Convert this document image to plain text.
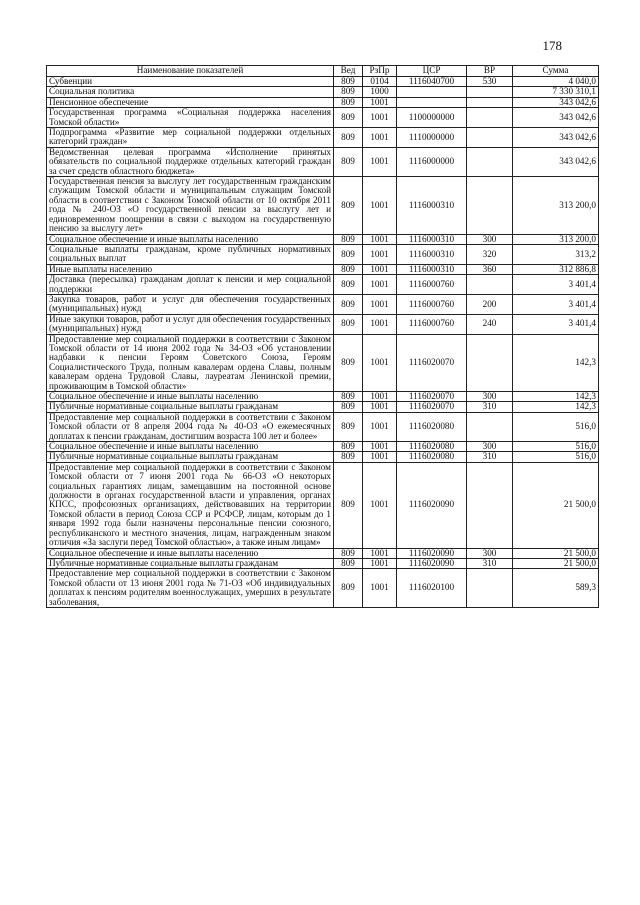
178
Наименование показателей	Вед	РзПр	ЦСР	ВР	Сумма
Субвенции	809	0104	1116040700	530	4 040,0
Социальная политика	809	1000			7 330 310,1
Пенсионное обеспечение	809	1001			343 042,6
Государственная программа «Социальная поддержка населения Томской области»	809	1001	1100000000		343 042,6
Подпрограмма «Развитие мер социальной поддержки отдельных категорий граждан»	809	1001	1110000000		343 042,6
Ведомственная целевая программа «Исполнение принятых обязательств по социальной поддержке отдельных категорий граждан за счет средств областного бюджета»	809	1001	1116000000		343 042,6
Государственная пенсия за выслугу лет государственным гражданским служащим Томской области и муниципальным служащим Томской области в соответствии с Законом Томской области от 10 октября 2011 года № 240-ОЗ «О государственной пенсии за выслугу лет и единовременном поощрении в связи с выходом на государственную пенсию за выслугу лет»	809	1001	1116000310		313 200,0
Социальное обеспечение и иные выплаты населению	809	1001	1116000310	300	313 200,0
Социальные выплаты гражданам, кроме публичных нормативных социальных выплат	809	1001	1116000310	320	313,2
Иные выплаты населению	809	1001	1116000310	360	312 886,8
Доставка (пересылка) гражданам доплат к пенсии и мер социальной поддержки	809	1001	1116000760		3 401,4
Закупка товаров, работ и услуг для обеспечения государственных (муниципальных) нужд	809	1001	1116000760	200	3 401,4
Иные закупки товаров, работ и услуг для обеспечения государственных (муниципальных) нужд	809	1001	1116000760	240	3 401,4
Предоставление мер социальной поддержки в соответствии с Законом Томской области от 14 июня 2002 года № 34-ОЗ «Об установлении надбавки к пенсии Героям Советского Союза, Героям Социалистического Труда, полным кавалерам ордена Славы, полным кавалерам ордена Трудовой Славы, лауреатам Ленинской премии, проживающим в Томской области»	809	1001	1116020070		142,3
Социальное обеспечение и иные выплаты населению	809	1001	1116020070	300	142,3
Публичные нормативные социальные выплаты гражданам	809	1001	1116020070	310	142,3
Предоставление мер социальной поддержки в соответствии с Законом Томской области от 8 апреля 2004 года № 40-ОЗ «О ежемесячных доплатах к пенсии гражданам, достигшим возраста 100 лет и более»	809	1001	1116020080		516,0
Социальное обеспечение и иные выплаты населению	809	1001	1116020080	300	516,0
Публичные нормативные социальные выплаты гражданам	809	1001	1116020080	310	516,0
Предоставление мер социальной поддержки в соответствии с Законом Томской области от 7 июня 2001 года № 66-ОЗ «О некоторых социальных гарантиях лицам, замещавшим на постоянной основе должности в органах государственной власти и управления, органах КПСС, профсоюзных организациях, действовавших на территории Томской области в период Союза ССР и РСФСР, лицам, которым до 1 января 1992 года были назначены персональные пенсии союзного, республиканского и местного значения, лицам, награжденным знаком отличия «За заслуги перед Томской областью», а также иным лицам»	809	1001	1116020090		21 500,0
Социальное обеспечение и иные выплаты населению	809	1001	1116020090	300	21 500,0
Публичные нормативные социальные выплаты гражданам	809	1001	1116020090	310	21 500,0
Предоставление мер социальной поддержки в соответствии с Законом Томской области от 13 июня 2001 года № 71-ОЗ «Об индивидуальных доплатах к пенсиям родителям военнослужащих, умерших в результате заболевания,	809	1001	1116020100		589,3
